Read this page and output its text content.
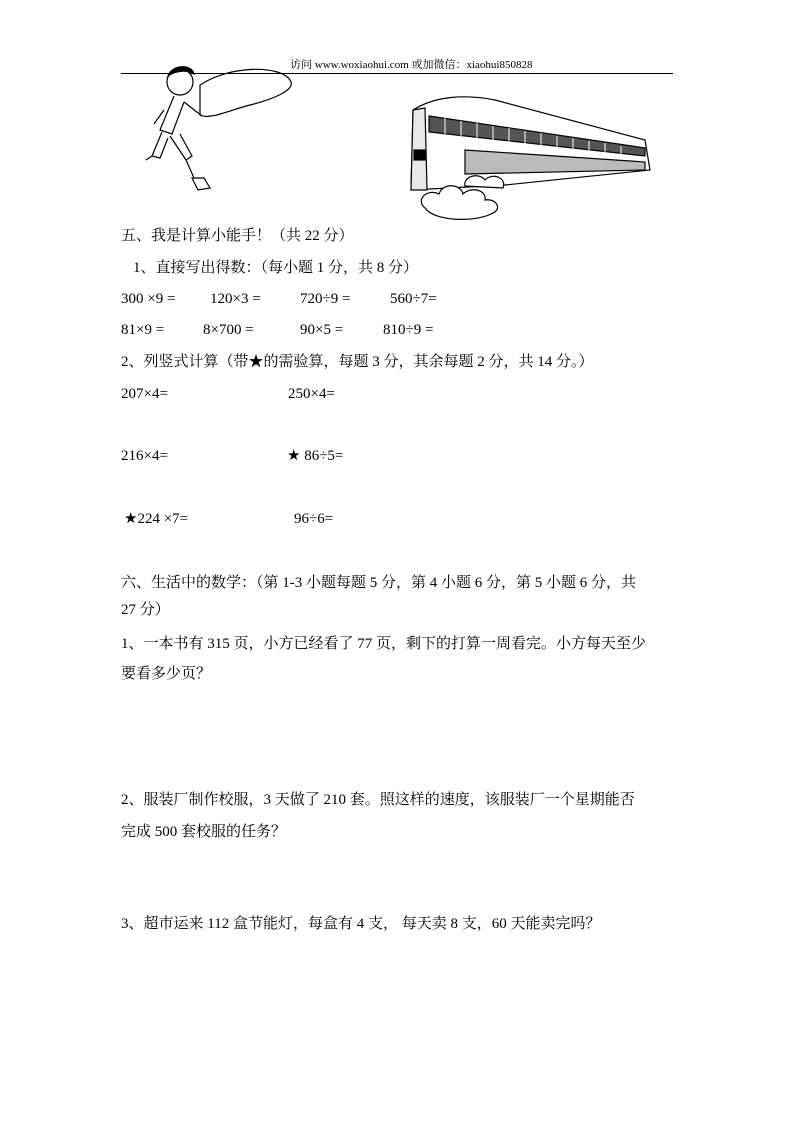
访问 www.woxiaohui.com 或加微信：xiaohui850828
五、我是计算小能手！（共 22 分）
1、直接写出得数：（每小题 1 分，共 8 分）
300 ×9 = 120×3 =	720÷9 =	560÷7=
81×9 =	8×700 =	90×5 =	810÷9 =
2、列竖式计算（带★的需验算，每题 3 分，其余每题 2 分，共 14 分。）
207×4=	250×4=
216×4=	★ 86÷5=
★224 ×7=	96÷6=
六、生活中的数学：（第 1-3 小题每题 5 分，第 4 小题 6 分，第 5 小题 6 分，共
27 分）
1、一本书有 315 页，小方已经看了 77 页，剩下的打算一周看完。小方每天至少
要看多少页？
2、服装厂制作校服，3 天做了 210 套。照这样的速度，该服装厂一个星期能否
完成 500 套校服的任务？
3、超市运来 112 盒节能灯，每盒有 4 支， 每天卖 8 支，60 天能卖完吗？
